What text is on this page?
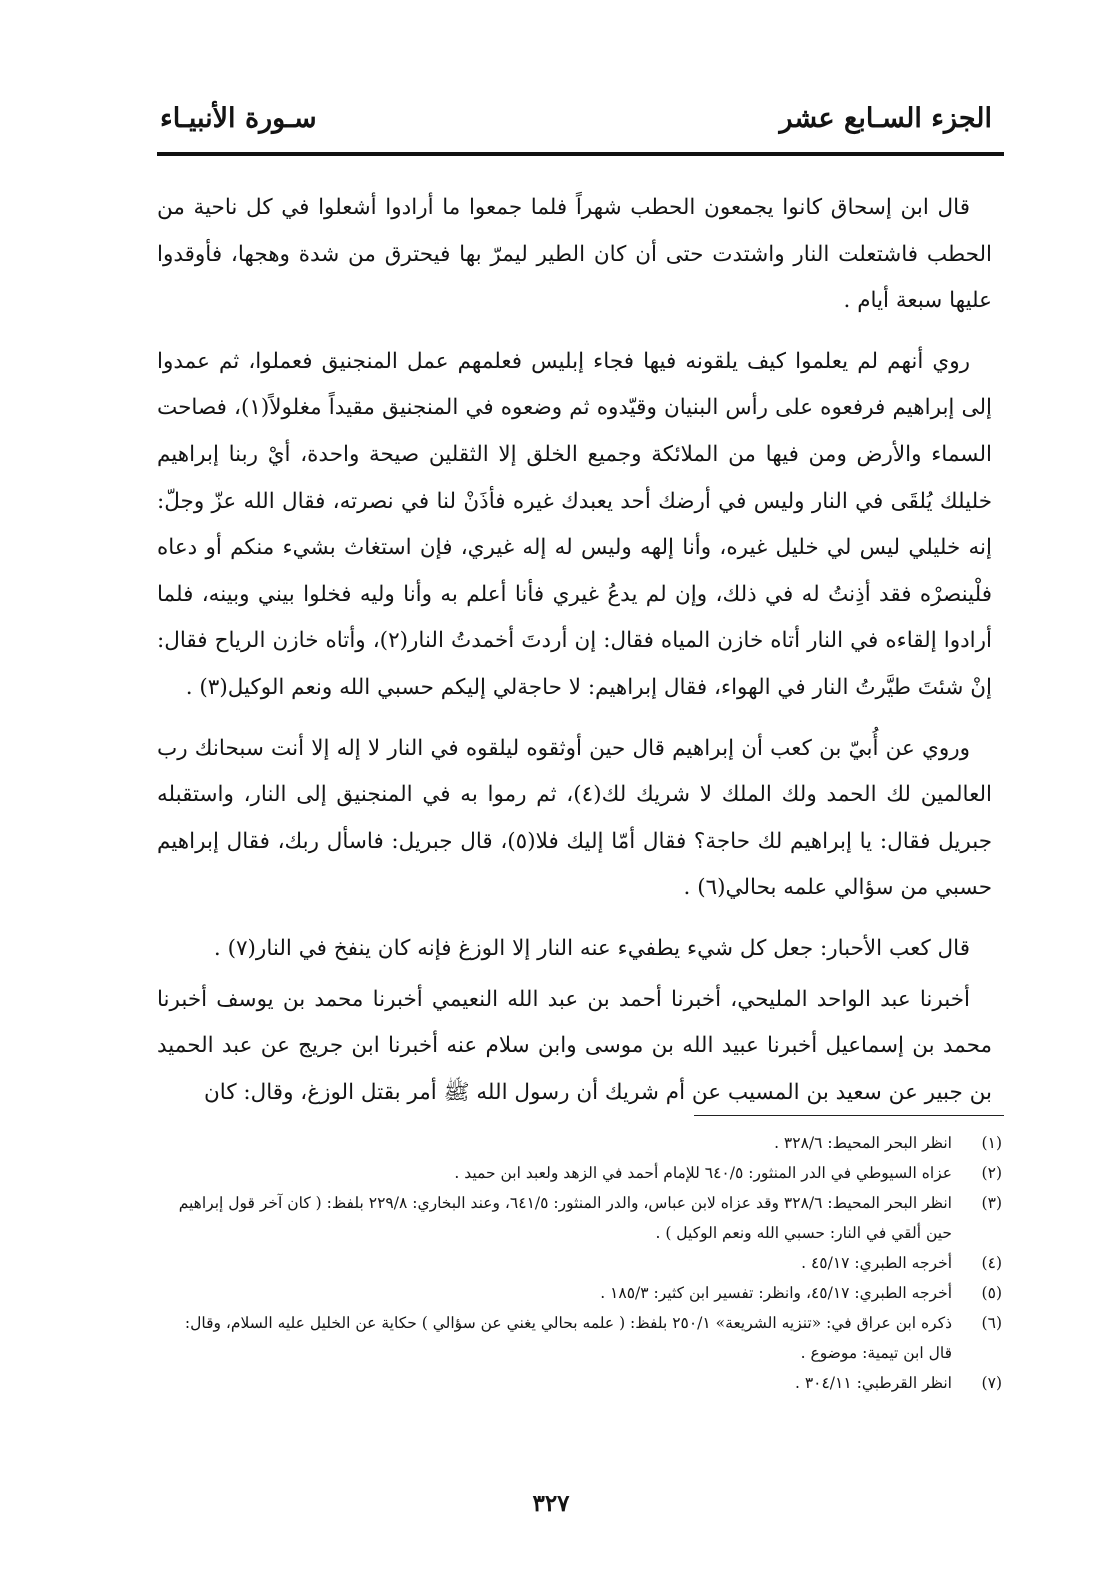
الجزء السـابع عشر
سـورة الأنبيـاء

قال ابن إسحاق كانوا يجمعون الحطب شهراً فلما جمعوا ما أرادوا أشعلوا في كل ناحية من الحطب فاشتعلت النار واشتدت حتى أن كان الطير ليمرّ بها فيحترق من شدة وهجها، فأوقدوا عليها سبعة أيام .

روي أنهم لم يعلموا كيف يلقونه فيها فجاء إبليس فعلمهم عمل المنجنيق فعملوا، ثم عمدوا إلى إبراهيم فرفعوه على رأس البنيان وقيّدوه ثم وضعوه في المنجنيق مقيداً مغلولاً(١)، فصاحت السماء والأرض ومن فيها من الملائكة وجميع الخلق إلا الثقلين صيحة واحدة، أيْ ربنا إبراهيم خليلك يُلقَى في النار وليس في أرضك أحد يعبدك غيره فأذَنْ لنا في نصرته، فقال الله عزّ وجلّ: إنه خليلي ليس لي خليل غيره، وأنا إلهه وليس له إله غيري، فإن استغاث بشيء منكم أو دعاه فلْينصرْه فقد أذِنتُ له في ذلك، وإن لم يدعُ غيري فأنا أعلم به وأنا وليه فخلوا بيني وبينه، فلما أرادوا إلقاءه في النار أتاه خازن المياه فقال: إن أردتَ أخمدتُ النار(٢)، وأتاه خازن الرياح فقال: إنْ شئتَ طيَّرتُ النار في الهواء، فقال إبراهيم: لا حاجةلي إليكم حسبي الله ونعم الوكيل(٣) .

وروي عن أُبيّ بن كعب أن إبراهيم قال حين أوثقوه ليلقوه في النار لا إله إلا أنت سبحانك رب العالمين لك الحمد ولك الملك لا شريك لك(٤)، ثم رموا به في المنجنيق إلى النار، واستقبله جبريل فقال: يا إبراهيم لك حاجة؟ فقال أمّا إليك فلا(٥)، قال جبريل: فاسأل ربك، فقال إبراهيم حسبي من سؤالي علمه بحالي(٦) .

قال كعب الأحبار: جعل كل شيء يطفيء عنه النار إلا الوزغ فإنه كان ينفخ في النار(٧) .

أخبرنا عبد الواحد المليحي، أخبرنا أحمد بن عبد الله النعيمي أخبرنا محمد بن يوسف أخبرنا محمد بن إسماعيل أخبرنا عبيد الله بن موسى وابن سلام عنه أخبرنا ابن جريج عن عبد الحميد بن جبير عن سعيد بن المسيب عن أم شريك أن رسول الله ﷺ أمر بقتل الوزغ، وقال: كان

(١)
انظر البحر المحيط: ٣٢٨/٦ .
(٢)
عزاه السيوطي في الدر المنثور: ٦٤٠/٥ للإمام أحمد في الزهد ولعبد ابن حميد .
(٣)
انظر البحر المحيط: ٣٢٨/٦ وقد عزاه لابن عباس، والدر المنثور: ٦٤١/٥، وعند البخاري: ٢٢٩/٨ بلفظ: ( كان آخر قول إبراهيم حين ألقي في النار: حسبي الله ونعم الوكيل ) .
(٤)
أخرجه الطبري: ٤٥/١٧ .
(٥)
أخرجه الطبري: ٤٥/١٧، وانظر: تفسير ابن كثير: ١٨٥/٣ .
(٦)
ذكره ابن عراق في: «تنزيه الشريعة» ٢٥٠/١ بلفظ: ( علمه بحالي يغني عن سؤالي ) حكاية عن الخليل عليه السلام، وقال: قال ابن تيمية: موضوع .
(٧)
انظر القرطبي: ٣٠٤/١١ .
٣٢٧
